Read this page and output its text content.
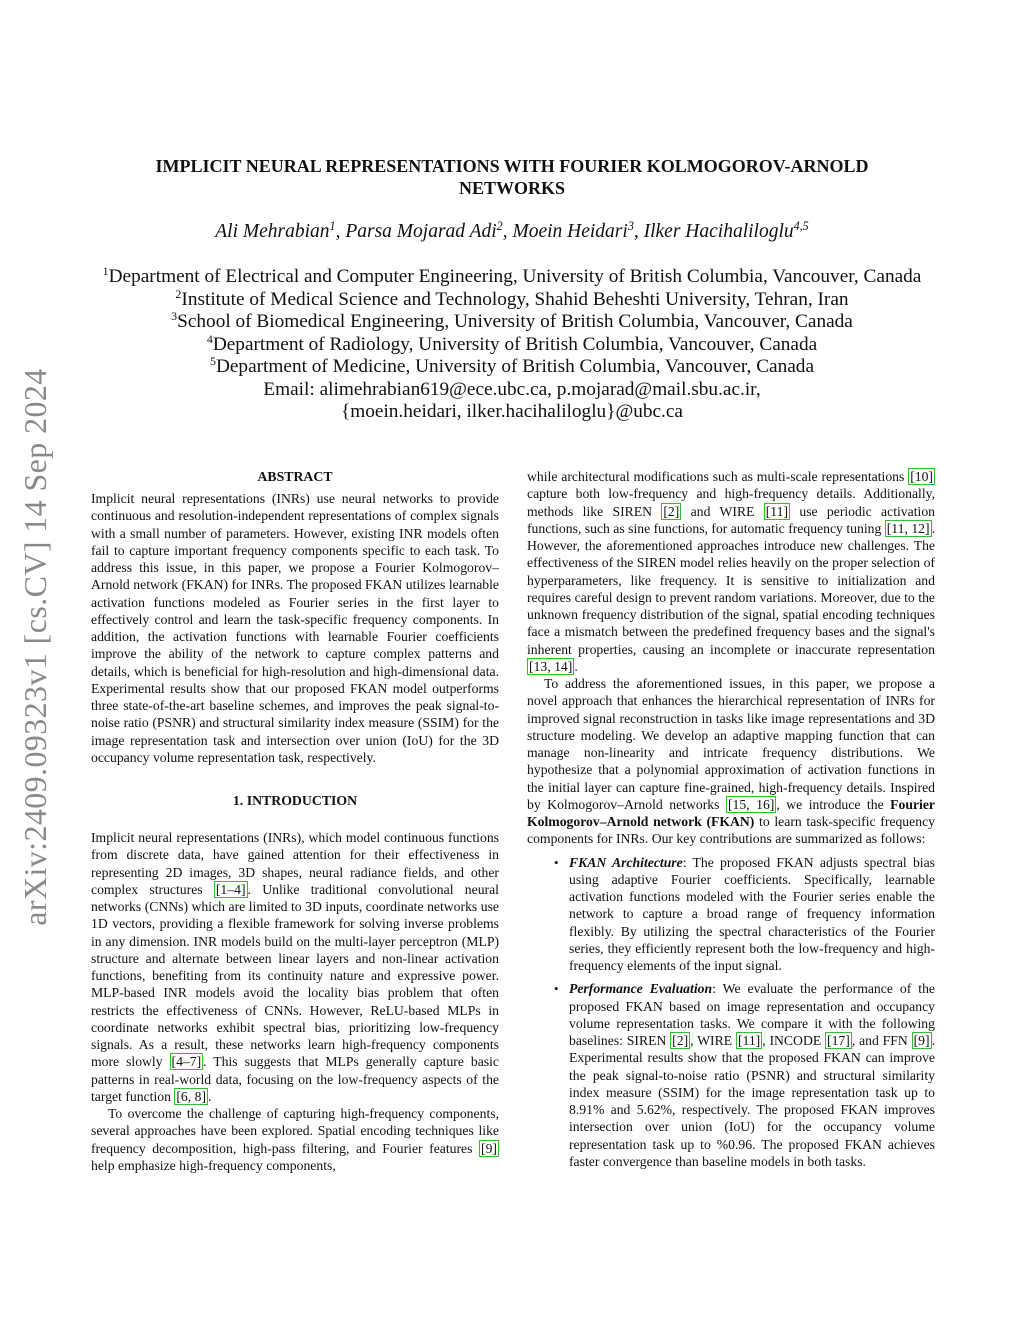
arXiv:2409.09323v1 [cs.CV] 14 Sep 2024
IMPLICIT NEURAL REPRESENTATIONS WITH FOURIER KOLMOGOROV-ARNOLD
NETWORKS
Ali Mehrabian$^1$, Parsa Mojarad Adi$^2$, Moein Heidari$^3$, Ilker Hacihaliloglu$^{4,5}$
$^1$Department of Electrical and Computer Engineering, University of British Columbia, Vancouver, Canada
$^2$Institute of Medical Science and Technology, Shahid Beheshti University, Tehran, Iran
$^3$School of Biomedical Engineering, University of British Columbia, Vancouver, Canada
$^4$Department of Radiology, University of British Columbia, Vancouver, Canada
$^5$Department of Medicine, University of British Columbia, Vancouver, Canada
Email: alimehrabian619@ece.ubc.ca, p.mojarad@mail.sbu.ac.ir,
{moein.heidari, ilker.hacihaliloglu}@ubc.ca

ABSTRACT

Implicit neural representations (INRs) use neural networks to provide continuous and resolution-independent representations of complex signals with a small number of parameters. However, existing INR models often fail to capture important frequency components specific to each task. To address this issue, in this paper, we propose a Fourier Kolmogorov–Arnold network (FKAN) for INRs. The proposed FKAN utilizes learnable activation functions modeled as Fourier series in the first layer to effectively control and learn the task-specific frequency components. In addition, the activation functions with learnable Fourier coefficients improve the ability of the network to capture complex patterns and details, which is beneficial for high-resolution and high-dimensional data. Experimental results show that our proposed FKAN model outperforms three state-of-the-art baseline schemes, and improves the peak signal-to-noise ratio (PSNR) and structural similarity index measure (SSIM) for the image representation task and intersection over union (IoU) for the 3D occupancy volume representation task, respectively.

1. INTRODUCTION

Implicit neural representations (INRs), which model continuous functions from discrete data, have gained attention for their effectiveness in representing 2D images, 3D shapes, neural radiance fields, and other complex structures [1–4] . Unlike traditional convolutional neural networks (CNNs) which are limited to 3D inputs, coordinate networks use 1D vectors, providing a flexible framework for solving inverse problems in any dimension. INR models build on the multi-layer perceptron (MLP) structure and alternate between linear layers and non-linear activation functions, benefiting from its continuity nature and expressive power. MLP-based INR models avoid the locality bias problem that often restricts the effectiveness of CNNs. However, ReLU-based MLPs in coordinate networks exhibit spectral bias, prioritizing low-frequency signals. As a result, these networks learn high-frequency components more slowly [4–7] . This suggests that MLPs generally capture basic patterns in real-world data, focusing on the low-frequency aspects of the target function [6, 8] .

To overcome the challenge of capturing high-frequency components, several approaches have been explored. Spatial encoding techniques like frequency decomposition, high-pass filtering, and Fourier features [9] help emphasize high-frequency components,

while architectural modifications such as multi-scale representations [10] capture both low-frequency and high-frequency details. Additionally, methods like SIREN [2] and WIRE [11] use periodic activation functions, such as sine functions, for automatic frequency tuning [11, 12] . However, the aforementioned approaches introduce new challenges. The effectiveness of the SIREN model relies heavily on the proper selection of hyperparameters, like frequency. It is sensitive to initialization and requires careful design to prevent random variations. Moreover, due to the unknown frequency distribution of the signal, spatial encoding techniques face a mismatch between the predefined frequency bases and the signal's inherent properties, causing an incomplete or inaccurate representation [13, 14] .

To address the aforementioned issues, in this paper, we propose a novel approach that enhances the hierarchical representation of INRs for improved signal reconstruction in tasks like image representations and 3D structure modeling. We develop an adaptive mapping function that can manage non-linearity and intricate frequency distributions. We hypothesize that a polynomial approximation of activation functions in the initial layer can capture fine-grained, high-frequency details. Inspired by Kolmogorov–Arnold networks [15, 16] , we introduce the Fourier Kolmogorov–Arnold network (FKAN) to learn task-specific frequency components for INRs. Our key contributions are summarized as follows:

• FKAN Architecture: The proposed FKAN adjusts spectral bias using adaptive Fourier coefficients. Specifically, learnable activation functions modeled with the Fourier series enable the network to capture a broad range of frequency information flexibly. By utilizing the spectral characteristics of the Fourier series, they efficiently represent both the low-frequency and high-frequency elements of the input signal.
• Performance Evaluation: We evaluate the performance of the proposed FKAN based on image representation and occupancy volume representation tasks. We compare it with the following baselines: SIREN [2] , WIRE [11] , INCODE [17] , and FFN [9] . Experimental results show that the proposed FKAN can improve the peak signal-to-noise ratio (PSNR) and structural similarity index measure (SSIM) for the image representation task up to 8.91% and 5.62%, respectively. The proposed FKAN improves intersection over union (IoU) for the occupancy volume representation task up to %0.96. The proposed FKAN achieves faster convergence than baseline models in both tasks.
